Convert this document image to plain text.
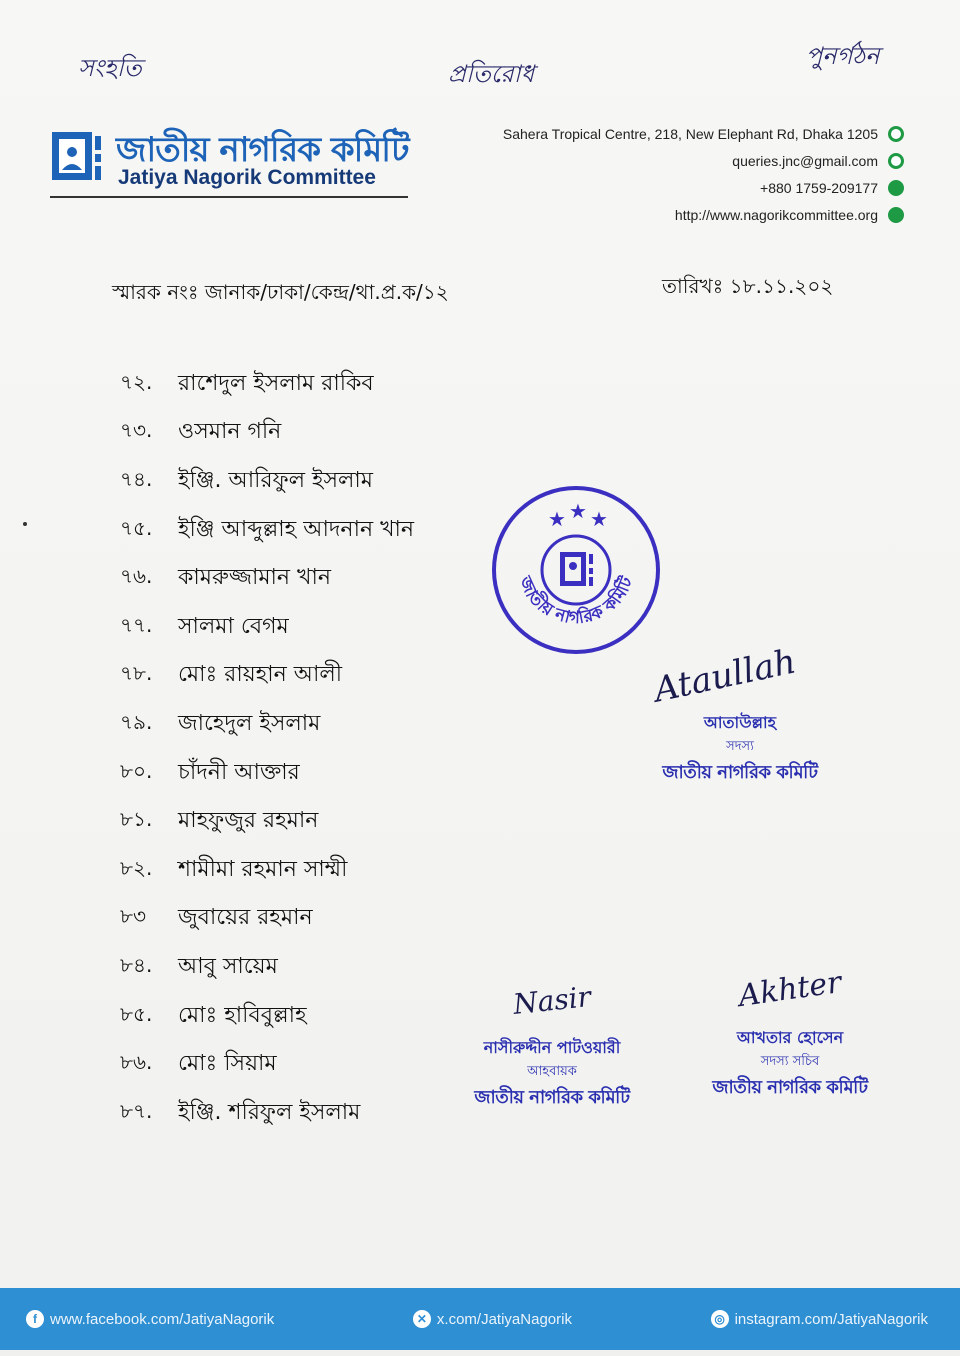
সংহতি	প্রতিরোধ
পুনর্গঠন
জাতীয় নাগরিক কমিটি
Jatiya Nagorik Committee
Sahera Tropical Centre, 218, New Elephant Rd, Dhaka 1205
queries.jnc@gmail.com
+880 1759-209177
http://www.nagorikcommittee.org
স্মারক নংঃ জানাক/ঢাকা/কেন্দ্র/থা.প্র.ক/১২	তারিখঃ ১৮.১১.২০২
৭২.	রাশেদুল ইসলাম রাকিব
৭৩.	ওসমান গনি
৭৪.	ইঞ্জি. আরিফুল ইসলাম
৭৫.	ইঞ্জি আব্দুল্লাহ আদনান খান
৭৬.	কামরুজ্জামান খান
৭৭.	সালমা বেগম
৭৮.	মোঃ রায়হান আলী
৭৯.	জাহেদুল ইসলাম
৮০.	চাঁদনী আক্তার
৮১.	মাহফুজুর রহমান
৮২.	শামীমা রহমান সাম্মী
৮৩	জুবায়ের রহমান
৮৪.	আবু সায়েম
৮৫.	মোঃ হাবিবুল্লাহ
৮৬.	মোঃ সিয়াম
৮৭.	ইঞ্জি. শরিফুল ইসলাম
★ ★ ★
জাতীয় নাগরিক কমিটি
Ataullah
আতাউল্লাহ
সদস্য
জাতীয় নাগরিক কমিটি
Nasir
নাসীরুদ্দীন পাটওয়ারী
আহবায়ক
জাতীয় নাগরিক কমিটি
Akhter
আখতার হোসেন
সদস্য সচিব
জাতীয় নাগরিক কমিটি
f www.facebook.com/JatiyaNagorik	✕ x.com/JatiyaNagorik	◎ instagram.com/JatiyaNagorik
